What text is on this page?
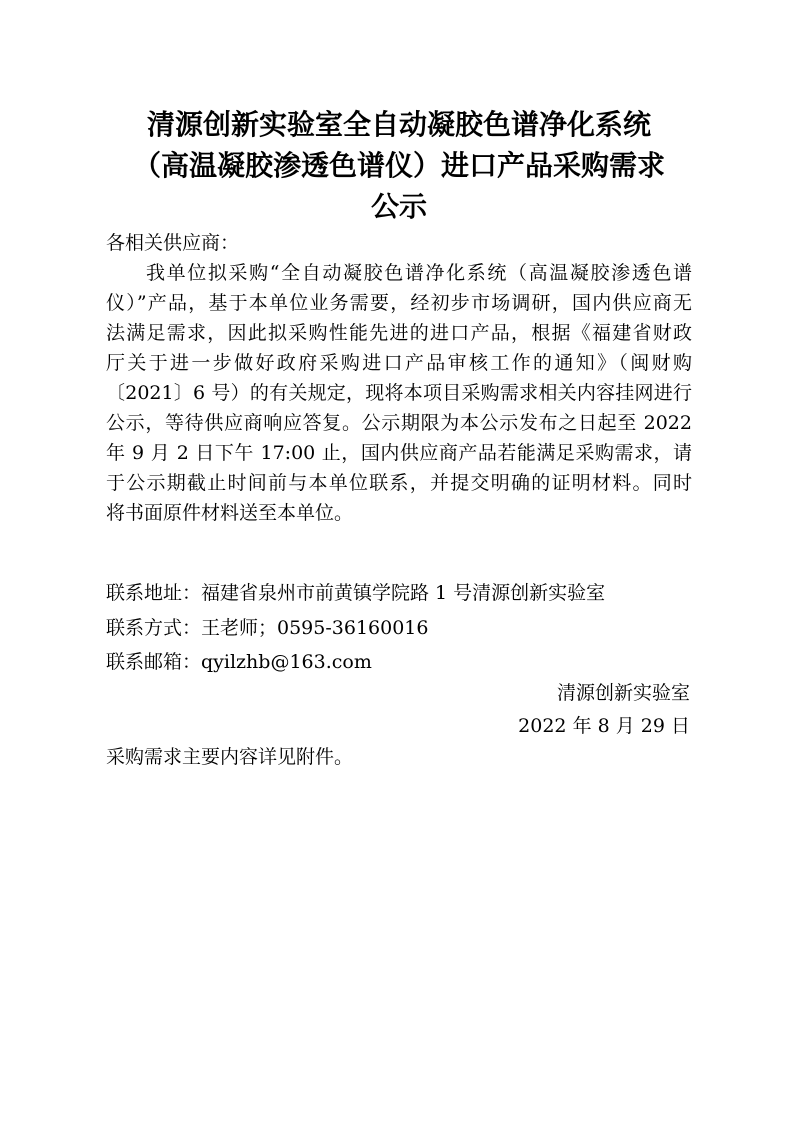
清源创新实验室全自动凝胶色谱净化系统
（高温凝胶渗透色谱仪）进口产品采购需求
公示

各相关供应商：

我单位拟采购“全自动凝胶色谱净化系统（高温凝胶渗透色谱
仪）”产品，基于本单位业务需要，经初步市场调研，国内供应商无
法满足需求，因此拟采购性能先进的进口产品，根据《福建省财政
厅关于进一步做好政府采购进口产品审核工作的通知》（闽财购
〔2021〕6 号）的有关规定，现将本项目采购需求相关内容挂网进行
公示，等待供应商响应答复。公示期限为本公示发布之日起至 2022
年 9 月 2 日下午 17:00 止，国内供应商产品若能满足采购需求，请
于公示期截止时间前与本单位联系，并提交明确的证明材料。同时
将书面原件材料送至本单位。

联系地址：福建省泉州市前黄镇学院路 1 号清源创新实验室

联系方式：王老师；0595-36160016

联系邮箱：qyilzhb@163.com

清源创新实验室

2022 年 8 月 29 日

采购需求主要内容详见附件。
